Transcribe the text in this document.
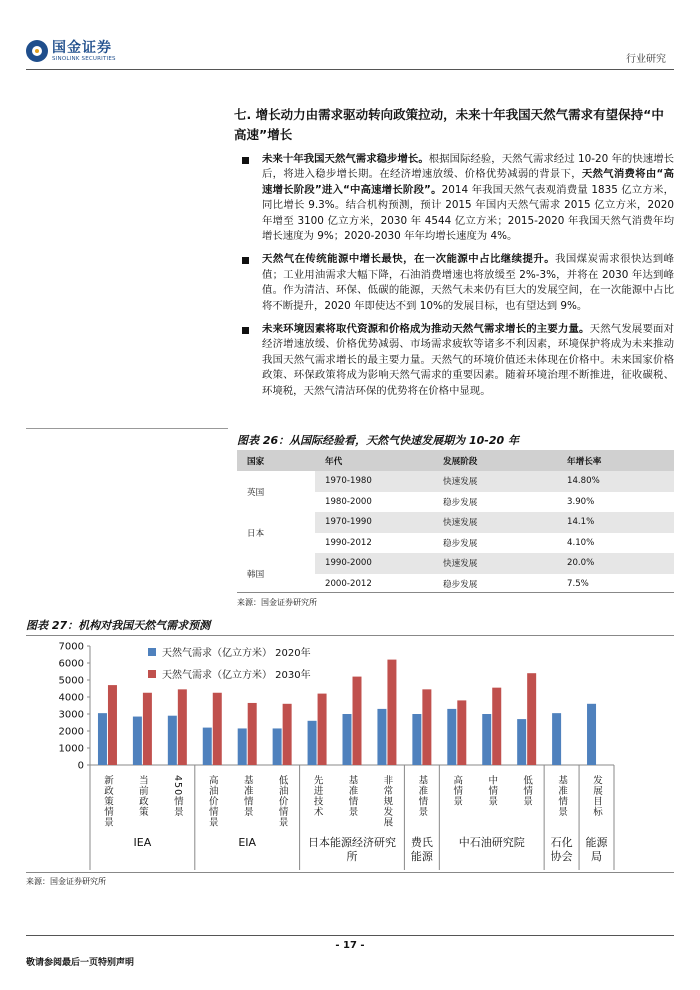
国金证券
SINOLINK SECURITIES	行业研究
七. 增长动力由需求驱动转向政策拉动，未来十年我国天然气需求有望保持“中高速”增长
未来十年我国天然气需求稳步增长。根据国际经验，天然气需求经过 10-20 年的快速增长后，将进入稳步增长期。在经济增速放缓、价格优势减弱的背景下，天然气消费将由“高速增长阶段”进入“中高速增长阶段”。2014 年我国天然气表观消费量 1835 亿立方米，同比增长 9.3%。结合机构预测，预计 2015 年国内天然气需求 2015 亿立方米，2020 年增至 3100 亿立方米，2030 年 4544 亿立方米；2015-2020 年我国天然气消费年均增长速度为 9%；2020-2030 年年均增长速度为 4%。
天然气在传统能源中增长最快，在一次能源中占比继续提升。我国煤炭需求很快达到峰值；工业用油需求大幅下降，石油消费增速也将放缓至 2%-3%，并将在 2030 年达到峰值。作为清洁、环保、低碳的能源，天然气未来仍有巨大的发展空间，在一次能源中占比将不断提升，2020 年即使达不到 10%的发展目标，也有望达到 9%。
未来环境因素将取代资源和价格成为推动天然气需求增长的主要力量。天然气发展要面对经济增速放缓、价格优势减弱、市场需求疲软等诸多不利因素，环境保护将成为未来推动我国天然气需求增长的最主要力量。天然气的环境价值还未体现在价格中。未来国家价格政策、环保政策将成为影响天然气需求的重要因素。随着环境治理不断推进，征收碳税、环境税，天然气清洁环保的优势将在价格中显现。
图表 26：从国际经验看，天然气快速发展期为 10-20 年
国家	年代	发展阶段	年增长率
英国	1970-1980	快速发展	14.80%
	1980-2000	稳步发展	3.90%
日本	1970-1990	快速发展	14.1%
	1990-2012	稳步发展	4.10%
韩国	1990-2000	快速发展	20.0%
	2000-2012	稳步发展	7.5%
来源：国金证券研究所
图表 27：机构对我国天然气需求预测
0
1000
2000
3000
4000
5000
6000
7000
新政策情景	当前政策	450情景	高油价情景	基准情景	低油价情景	先进技术	基准情景	非常规发展	基准情景	高情景	中情景	低情景	基准情景	发展目标
IEA	EIA	日本能源经济研究
所
费氏
能源
中石油研究院 石化
协会
能源
局
天然气需求（亿立方米） 2020年
天然气需求（亿立方米） 2030年
来源：国金证券研究所
- 17 -
敬请参阅最后一页特别声明
